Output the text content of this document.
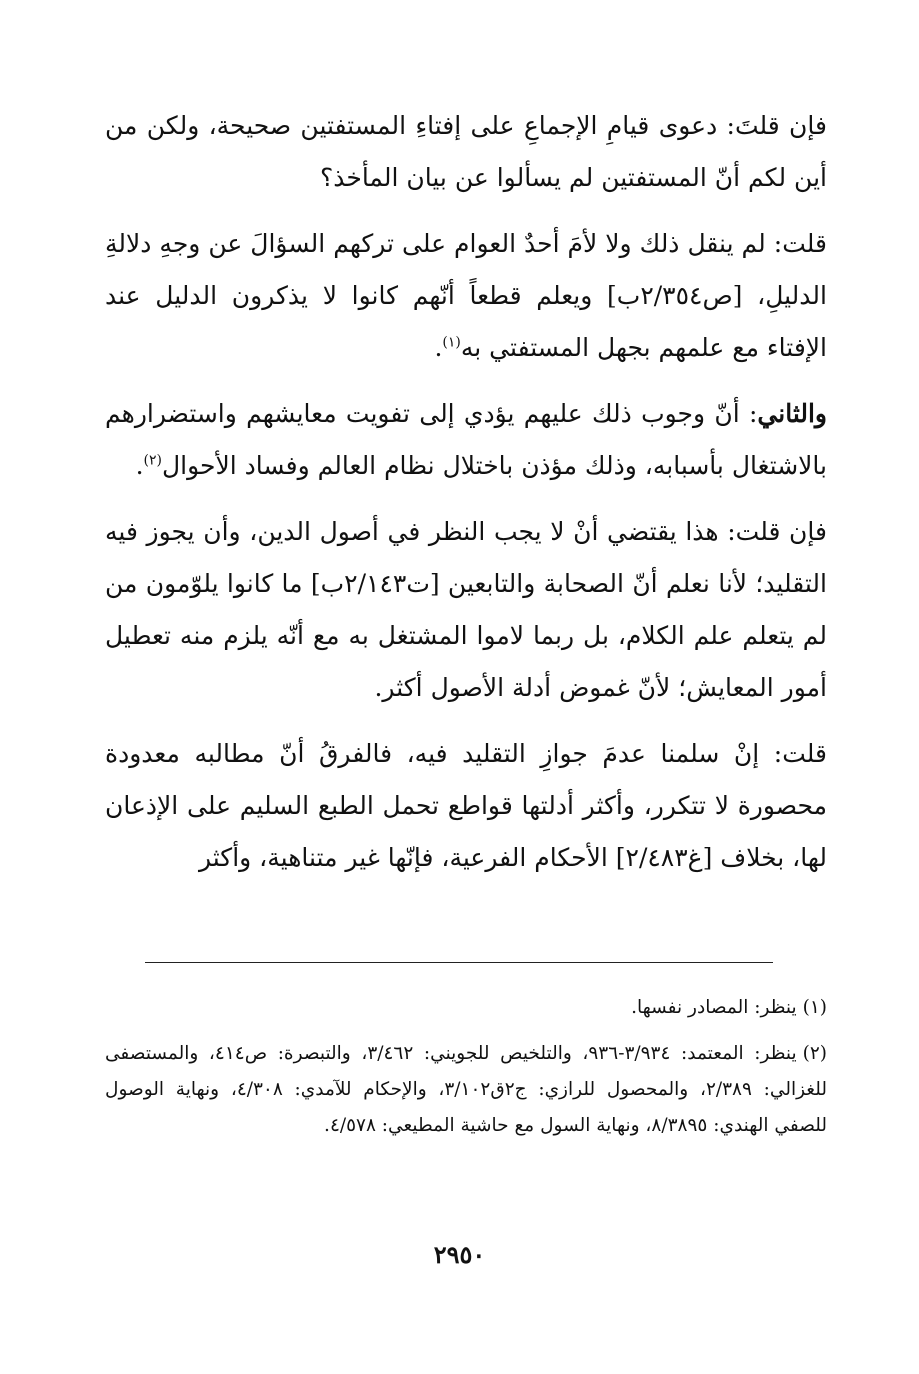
فإن قلتَ: دعوى قيامِ الإجماعِ على إفتاءِ المستفتين صحيحة، ولكن من أين لكم أنّ المستفتين لم يسألوا عن بيان المأخذ؟

قلت: لم ينقل ذلك ولا لأمَ أحدٌ العوام على تركهم السؤالَ عن وجهِ دلالةِ الدليلِ، [ص٢/٣٥٤ب] ويعلم قطعاً أنّهم كانوا لا يذكرون الدليل عند الإفتاء مع علمهم بجهل المستفتي به$^{(١)}$.

والثاني: أنّ وجوب ذلك عليهم يؤدي إلى تفويت معايشهم واستضرارهم بالاشتغال بأسبابه، وذلك مؤذن باختلال نظام العالم وفساد الأحوال$^{(٢)}$.

فإن قلت: هذا يقتضي أنْ لا يجب النظر في أصول الدين، وأن يجوز فيه التقليد؛ لأنا نعلم أنّ الصحابة والتابعين [ت٢/١٤٣ب] ما كانوا يلوّمون من لم يتعلم علم الكلام، بل ربما لاموا المشتغل به مع أنّه يلزم منه تعطيل أمور المعايش؛ لأنّ غموض أدلة الأصول أكثر.

قلت: إنْ سلمنا عدمَ جوازِ التقليد فيه، فالفرقُ أنّ مطالبه معدودة محصورة لا تتكرر، وأكثر أدلتها قواطع تحمل الطبع السليم على الإذعان لها، بخلاف [غ٢/٤٨٣] الأحكام الفرعية، فإنّها غير متناهية، وأكثر

(١)ينظر: المصادر نفسها.

(٢)ينظر: المعتمد: ٣/٩٣٤-٩٣٦، والتلخيص للجويني: ٣/٤٦٢، والتبصرة: ص٤١٤، والمستصفى للغزالي: ٢/٣٨٩، والمحصول للرازي: ج٢ق٣/١٠٢، والإحكام للآمدي: ٤/٣٠٨، ونهاية الوصول للصفي الهندي: ٨/٣٨٩٥، ونهاية السول مع حاشية المطيعي: ٤/٥٧٨.

٢٩٥٠
